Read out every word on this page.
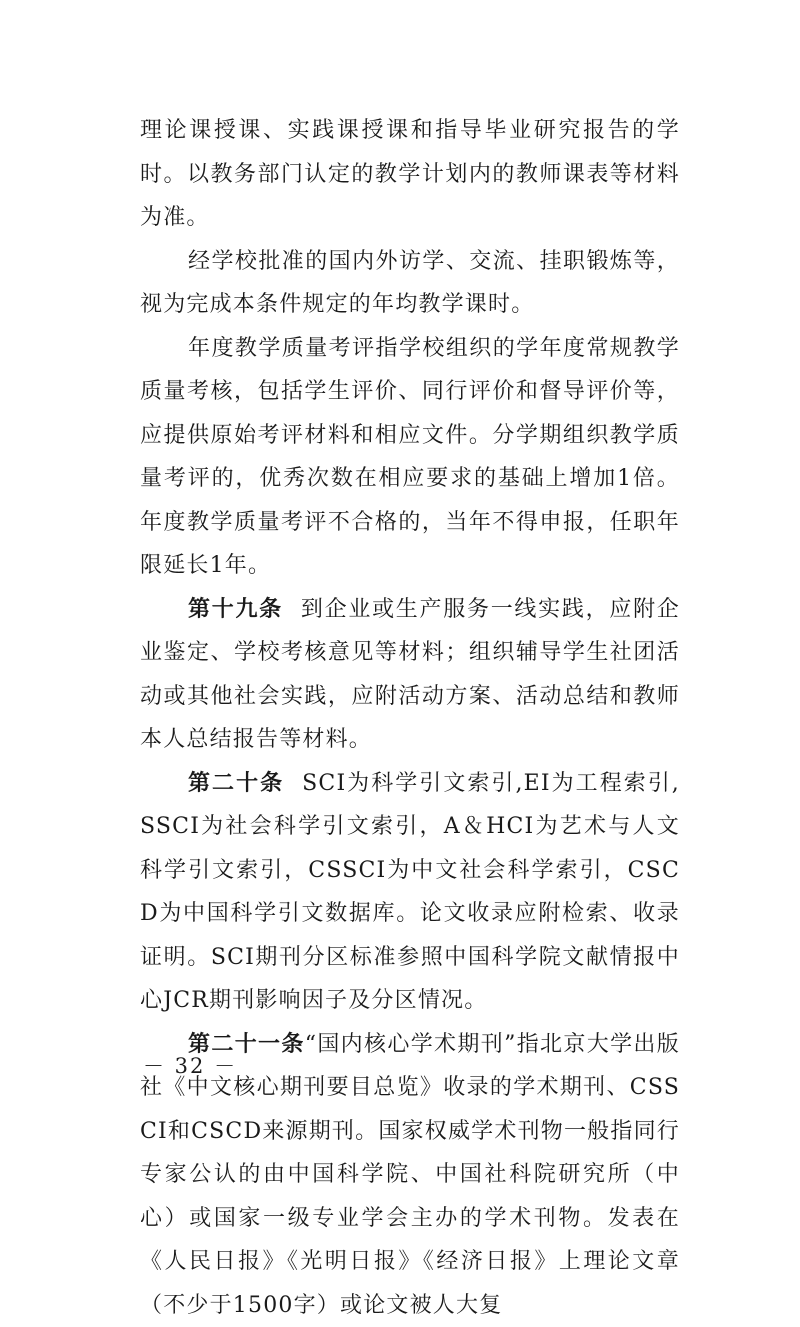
理论课授课、实践课授课和指导毕业研究报告的学时。以教务部门认定的教学计划内的教师课表等材料为准。

经学校批准的国内外访学、交流、挂职锻炼等，视为完成本条件规定的年均教学课时。

年度教学质量考评指学校组织的学年度常规教学质量考核，包括学生评价、同行评价和督导评价等，应提供原始考评材料和相应文件。分学期组织教学质量考评的，优秀次数在相应要求的基础上增加1倍。年度教学质量考评不合格的，当年不得申报，任职年限延长1年。

第十九条 到企业或生产服务一线实践，应附企业鉴定、学校考核意见等材料；组织辅导学生社团活动或其他社会实践，应附活动方案、活动总结和教师本人总结报告等材料。

第二十条 SCI为科学引文索引,EI为工程索引,SSCI为社会科学引文索引，A＆HCI为艺术与人文科学引文索引，CSSCI为中文社会科学索引，CSCD为中国科学引文数据库。论文收录应附检索、收录证明。SCI期刊分区标准参照中国科学院文献情报中心JCR期刊影响因子及分区情况。

第二十一条“国内核心学术期刊”指北京大学出版社《中文核心期刊要目总览》收录的学术期刊、CSSCI和CSCD来源期刊。国家权威学术刊物一般指同行专家公认的由中国科学院、中国社科院研究所（中心）或国家一级专业学会主办的学术刊物。发表在《人民日报》《光明日报》《经济日报》上理论文章（不少于1500字）或论文被人大复

－ 32 －
